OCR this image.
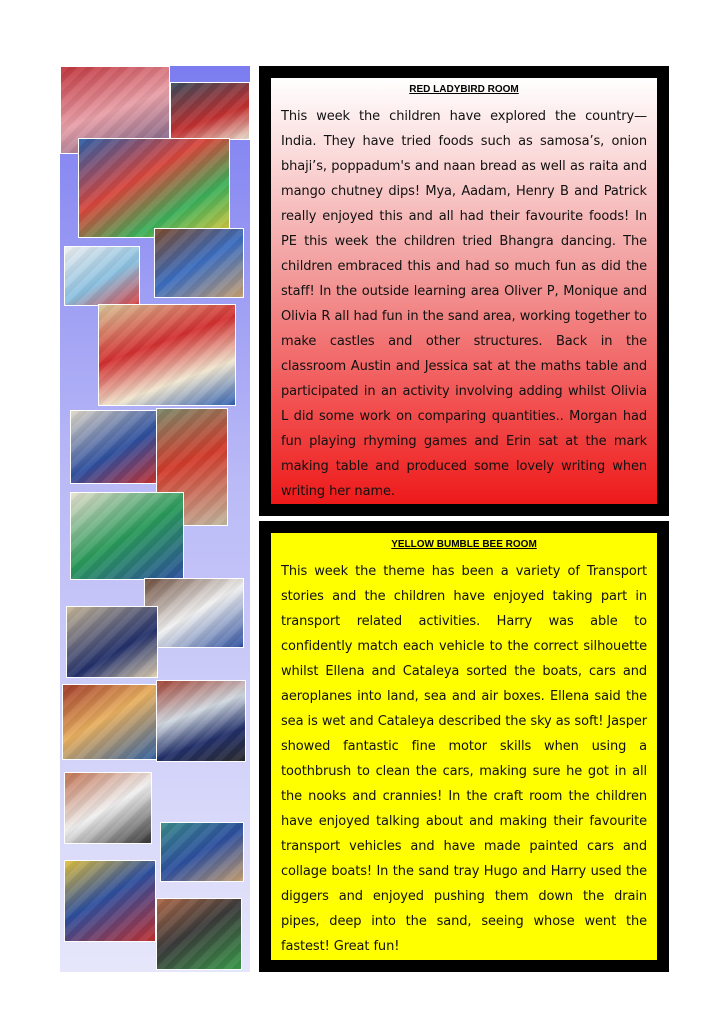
RED LADYBIRD ROOM

This week the children have explored the country—India. They have tried foods such as samosa’s, onion bhaji’s, poppadum's and naan bread as well as raita and mango chutney dips! Mya, Aadam, Henry B and Patrick really enjoyed this and all had their favourite foods! In PE this week the children tried Bhangra dancing. The children embraced this and had so much fun as did the staff! In the outside learning area Oliver P, Monique and Olivia R all had fun in the sand area, working together to make castles and other structures. Back in the classroom Austin and Jessica sat at the maths table and participated in an activity involving adding whilst Olivia L did some work on comparing quantities.. Morgan had fun playing rhyming games and Erin sat at the mark making table and produced some lovely writing when writing her name.

YELLOW BUMBLE BEE ROOM

This week the theme has been a variety of Transport stories and the children have enjoyed taking part in transport related activities. Harry was able to confidently match each vehicle to the correct silhouette whilst Ellena and Cataleya sorted the boats, cars and aeroplanes into land, sea and air boxes. Ellena said the sea is wet and Cataleya described the sky as soft! Jasper showed fantastic fine motor skills when using a toothbrush to clean the cars, making sure he got in all the nooks and crannies! In the craft room the children have enjoyed talking about and making their favourite transport vehicles and have made painted cars and collage boats! In the sand tray Hugo and Harry used the diggers and enjoyed pushing them down the drain pipes, deep into the sand, seeing whose went the fastest! Great fun!
